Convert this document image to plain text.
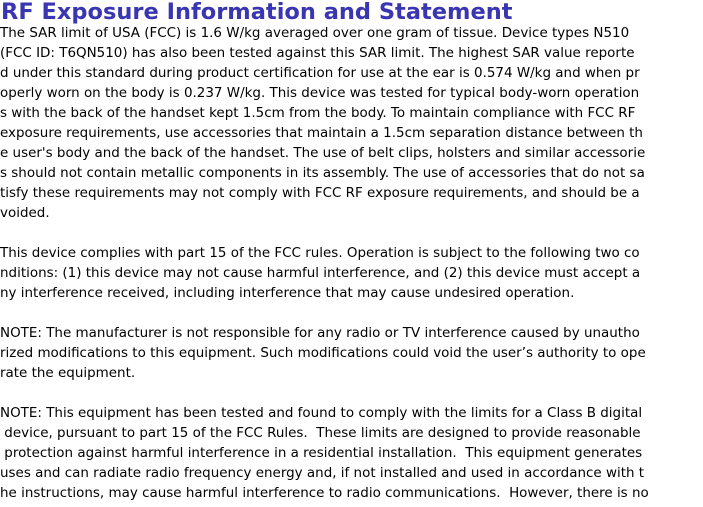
RF Exposure Information and Statement

The SAR limit of USA (FCC) is 1.6 W/kg averaged over one gram of tissue. Device types N510

(FCC ID: T6QN510) has also been tested against this SAR limit. The highest SAR value reporte

d under this standard during product certification for use at the ear is 0.574 W/kg and when pr

operly worn on the body is 0.237 W/kg. This device was tested for typical body-worn operation

s with the back of the handset kept 1.5cm from the body. To maintain compliance with FCC RF

exposure requirements, use accessories that maintain a 1.5cm separation distance between th

e user's body and the back of the handset. The use of belt clips, holsters and similar accessorie

s should not contain metallic components in its assembly. The use of accessories that do not sa

tisfy these requirements may not comply with FCC RF exposure requirements, and should be a

voided.

This device complies with part 15 of the FCC rules. Operation is subject to the following two co

nditions: (1) this device may not cause harmful interference, and (2) this device must accept a

ny interference received, including interference that may cause undesired operation.

NOTE: The manufacturer is not responsible for any radio or TV interference caused by unautho

rized modifications to this equipment. Such modifications could void the user’s authority to ope

rate the equipment.

NOTE: This equipment has been tested and found to comply with the limits for a Class B digital

device, pursuant to part 15 of the FCC Rules.  These limits are designed to provide reasonable

protection against harmful interference in a residential installation.  This equipment generates

uses and can radiate radio frequency energy and, if not installed and used in accordance with t

he instructions, may cause harmful interference to radio communications.  However, there is no
